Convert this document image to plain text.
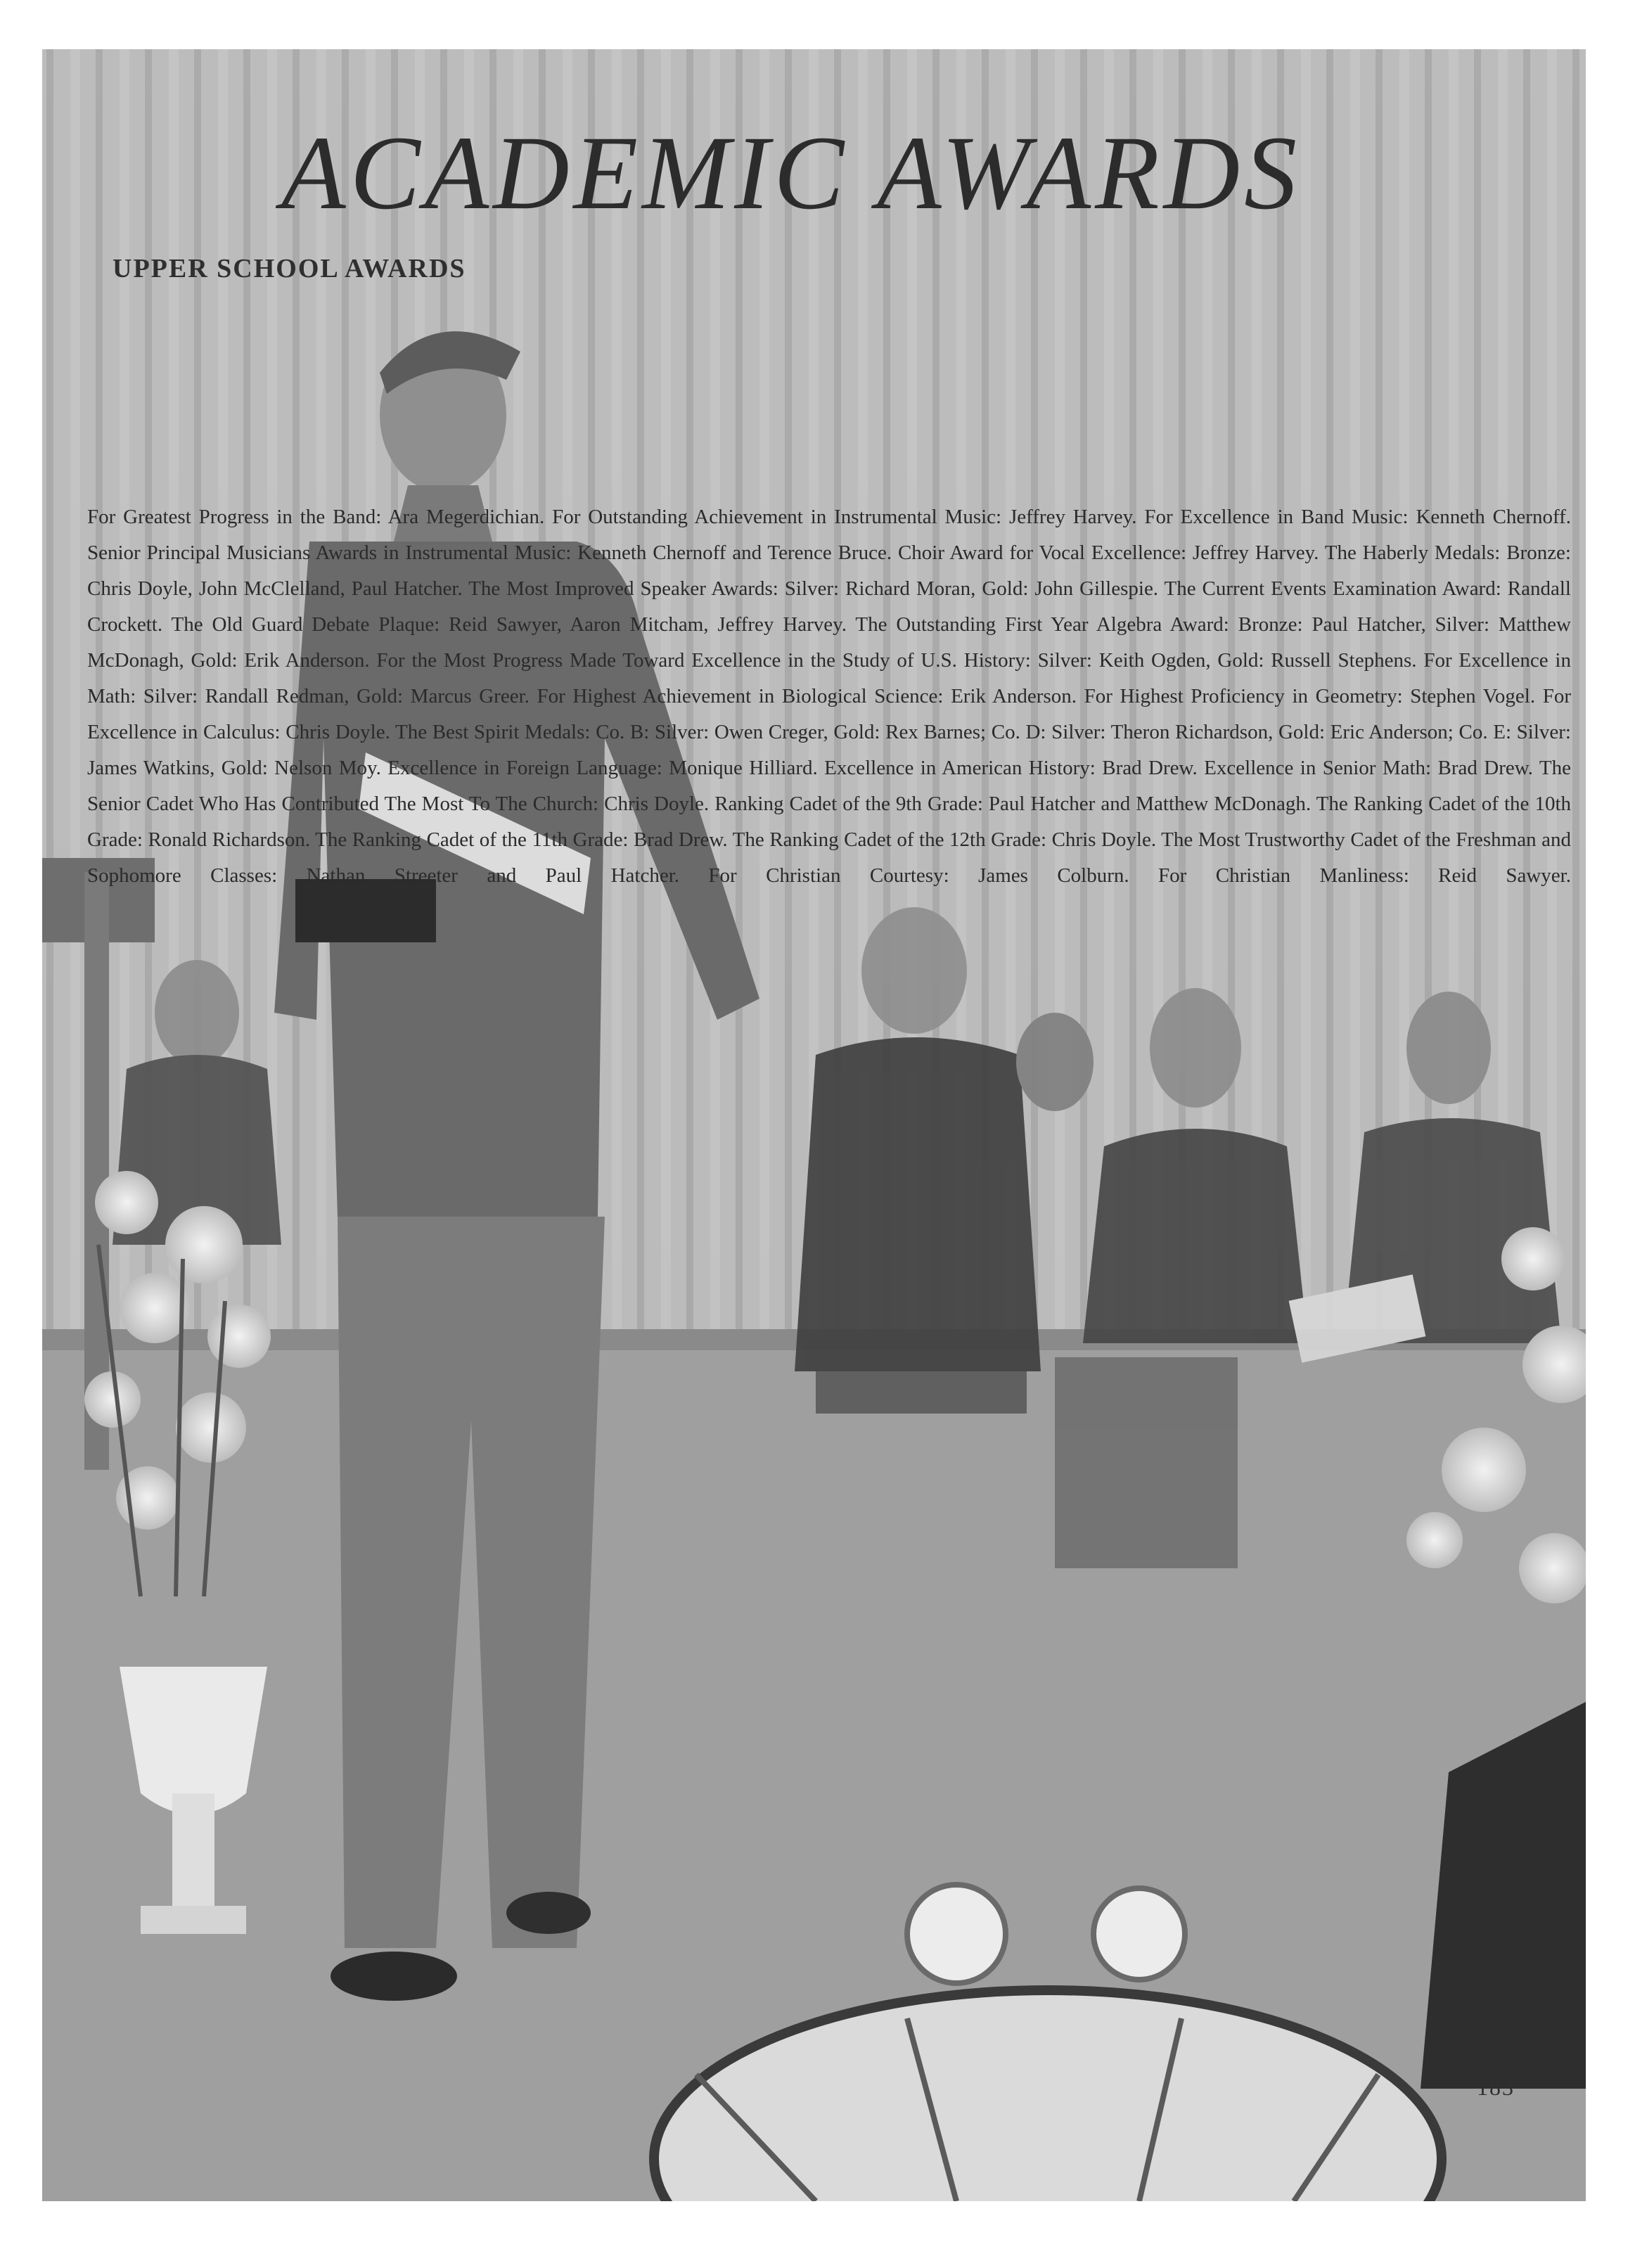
ACADEMIC AWARDS
UPPER SCHOOL AWARDS

For Greatest Progress in the Band: Ara Megerdichian. For Outstanding Achievement in Instrumental Music: Jeffrey Harvey. For Excellence in Band Music: Kenneth Chernoff. Senior Principal Musicians Awards in Instrumental Music: Kenneth Chernoff and Terence Bruce. Choir Award for Vocal Excellence: Jeffrey Harvey. The Haberly Medals: Bronze: Chris Doyle, John McClelland, Paul Hatcher. The Most Improved Speaker Awards: Silver: Richard Moran, Gold: John Gillespie. The Current Events Examination Award: Randall Crockett. The Old Guard Debate Plaque: Reid Sawyer, Aaron Mitcham, Jeffrey Harvey. The Outstanding First Year Algebra Award: Bronze: Paul Hatcher, Silver: Matthew McDonagh, Gold: Erik Anderson. For the Most Progress Made Toward Excellence in the Study of U.S. History: Silver: Keith Ogden, Gold: Russell Stephens. For Excellence in Math: Silver: Randall Redman, Gold: Marcus Greer. For Highest Achievement in Biological Science: Erik Anderson. For Highest Proficiency in Geometry: Stephen Vogel. For Excellence in Calculus: Chris Doyle. The Best Spirit Medals: Co. B: Silver: Owen Creger, Gold: Rex Barnes; Co. D: Silver: Theron Richardson, Gold: Eric Anderson; Co. E: Silver: James Watkins, Gold: Nelson Moy. Excellence in Foreign Language: Monique Hilliard. Excellence in American History: Brad Drew. Excellence in Senior Math: Brad Drew. The Senior Cadet Who Has Contributed The Most To The Church: Chris Doyle. Ranking Cadet of the 9th Grade: Paul Hatcher and Matthew McDonagh. The Ranking Cadet of the 10th Grade: Ronald Richardson. The Ranking Cadet of the 11th Grade: Brad Drew. The Ranking Cadet of the 12th Grade: Chris Doyle. The Most Trustworthy Cadet of the Freshman and Sophomore Classes: Nathan Streeter and Paul Hatcher. For Christian Courtesy: James Colburn. For Christian Manliness: Reid Sawyer.

183
